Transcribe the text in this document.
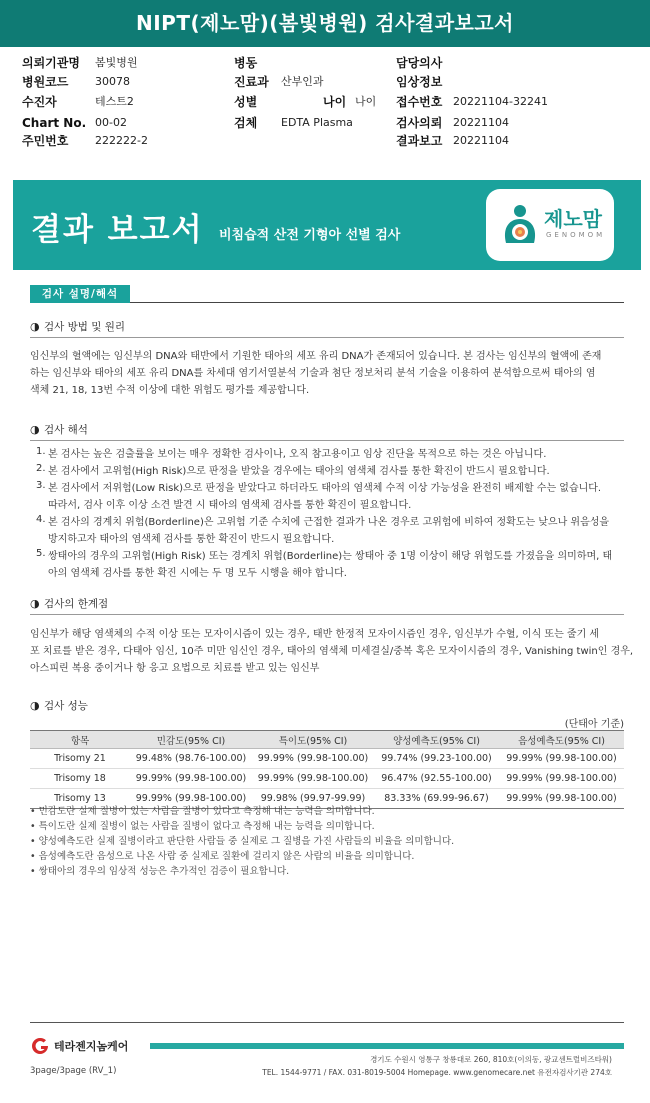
NIPT(제노맘)(봄빛병원) 검사결과보고서
의뢰기관명 봄빛병원
병원코드 30078
수진자	테스트2
Chart No. 00-02
주민번호 222222-2
병동
진료과 산부인과
성별	나이 나이
검체 EDTA Plasma
담당의사
임상정보
접수번호 20221104-32241
검사의뢰 20221104
결과보고 20221104
결과 보고서 비침습적 산전 기형아 선별 검사
제노맘
GENOMOM
검사 설명/해석
◑ 검사 방법 및 원리
임신부의 혈액에는 임신부의 DNA와 태반에서 기원한 태아의 세포 유리 DNA가 존재되어 있습니다. 본 검사는 임신부의 혈액에 존재
하는 임신부와 태아의 세포 유리 DNA를 차세대 염기서열분석 기술과 첨단 정보처리 분석 기술을 이용하여 분석함으로써 태아의 염
색체 21, 18, 13번 수적 이상에 대한 위험도 평가를 제공합니다.
◑ 검사 해석
1. 본 검사는 높은 검출률을 보이는 매우 정확한 검사이나, 오직 참고용이고 임상 진단을 목적으로 하는 것은 아닙니다.
2. 본 검사에서 고위험(High Risk)으로 판정을 받았을 경우에는 태아의 염색체 검사를 통한 확진이 반드시 필요합니다.
3. 본 검사에서 저위험(Low Risk)으로 판정을 받았다고 하더라도 태아의 염색체 수적 이상 가능성을 완전히 배제할 수는 없습니다.
따라서, 검사 이후 이상 소견 발견 시 태아의 염색체 검사를 통한 확진이 필요합니다.
4. 본 검사의 경계치 위험(Borderline)은 고위험 기준 수치에 근접한 결과가 나온 경우로 고위험에 비하여 정확도는 낮으나 위음성을
방지하고자 태아의 염색체 검사를 통한 확진이 반드시 필요합니다.
5. 쌍태아의 경우의 고위험(High Risk) 또는 경계치 위험(Borderline)는 쌍태아 중 1명 이상이 해당 위험도를 가졌음을 의미하며, 태
아의 염색체 검사를 통한 확진 시에는 두 명 모두 시행을 해야 합니다.
◑ 검사의 한계점
임신부가 해당 염색체의 수적 이상 또는 모자이시즘이 있는 경우, 태반 한정적 모자이시즘인 경우, 임신부가 수혈, 이식 또는 줄기 세
포 치료를 받은 경우, 다태아 임신, 10주 미만 임신인 경우, 태아의 염색체 미세결실/중복 혹은 모자이시즘의 경우, Vanishing twin인 경우,
아스피린 복용 중이거나 항 응고 요법으로 치료를 받고 있는 임신부
◑ 검사 성능
(단태아 기준)
항목	민감도(95% CI)	특이도(95% CI)	양성예측도(95% CI)	음성예측도(95% CI)
Trisomy 21	99.48% (98.76-100.00)	99.99% (99.98-100.00)	99.74% (99.23-100.00)	99.99% (99.98-100.00)
Trisomy 18	99.99% (99.98-100.00)	99.99% (99.98-100.00)	96.47% (92.55-100.00)	99.99% (99.98-100.00)
Trisomy 13	99.99% (99.98-100.00)	99.98% (99.97-99.99)	83.33% (69.99-96.67)	99.99% (99.98-100.00)
• 민감도란 실제 질병이 있는 사람을 질병이 있다고 측정해 내는 능력을 의미합니다.
• 특이도란 실제 질병이 없는 사람을 질병이 없다고 측정해 내는 능력을 의미합니다.
• 양성예측도란 실제 질병이라고 판단한 사람들 중 실제로 그 질병을 가진 사람들의 비율을 의미합니다.
• 음성예측도란 음성으로 나온 사람 중 실제로 질환에 걸리지 않은 사람의 비율을 의미합니다.
• 쌍태아의 경우의 임상적 성능은 추가적인 검증이 필요합니다.
테라젠지놈케어
경기도 수원시 영통구 창룡대로 260, 810호(이의동, 광교센트럴비즈타워)
TEL. 1544-9771 / FAX. 031-8019-5004 Homepage. www.genomecare.net 유전자검사기관 274호
3page/3page (RV_1)
